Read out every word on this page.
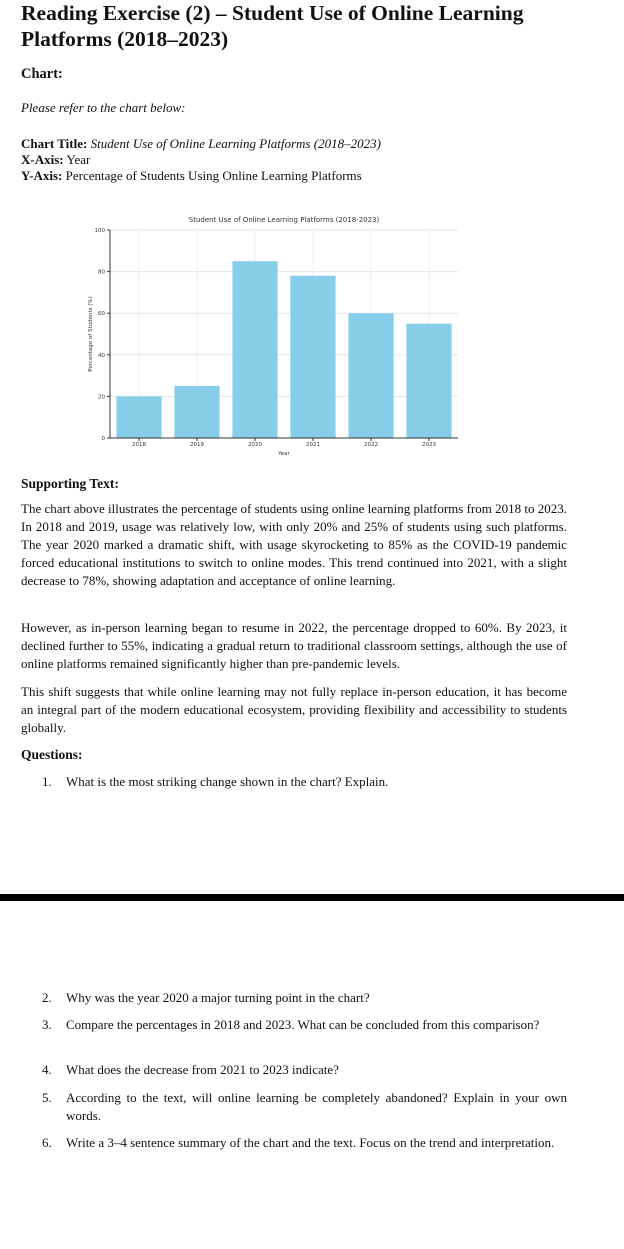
Reading Exercise (2) – Student Use of Online Learning Platforms (2018–2023)
Chart:
Please refer to the chart below:
Chart Title: Student Use of Online Learning Platforms (2018–2023)
X-Axis: Year
Y-Axis: Percentage of Students Using Online Learning Platforms
0
20
40
60
80
100
2018	2019	2020	2021	2022	2023
Student Use of Online Learning Platforms (2018-2023)
Year
Percentage of Students (%)
Supporting Text:

The chart above illustrates the percentage of students using online learning platforms from 2018 to 2023. In 2018 and 2019, usage was relatively low, with only 20% and 25% of students using such platforms. The year 2020 marked a dramatic shift, with usage skyrocketing to 85% as the COVID-19 pandemic forced educational institutions to switch to online modes. This trend continued into 2021, with a slight decrease to 78%, showing adaptation and acceptance of online learning.

However, as in-person learning began to resume in 2022, the percentage dropped to 60%. By 2023, it declined further to 55%, indicating a gradual return to traditional classroom settings, although the use of online platforms remained significantly higher than pre-pandemic levels.

This shift suggests that while online learning may not fully replace in-person education, it has become an integral part of the modern educational ecosystem, providing flexibility and accessibility to students globally.

Questions:
1.	What is the most striking change shown in the chart? Explain.
2.	Why was the year 2020 a major turning point in the chart?
3.	Compare the percentages in 2018 and 2023. What can be concluded from this comparison?
4.	What does the decrease from 2021 to 2023 indicate?
5.	According to the text, will online learning be completely abandoned? Explain in your own words.
6.	Write a 3–4 sentence summary of the chart and the text. Focus on the trend and interpretation.
